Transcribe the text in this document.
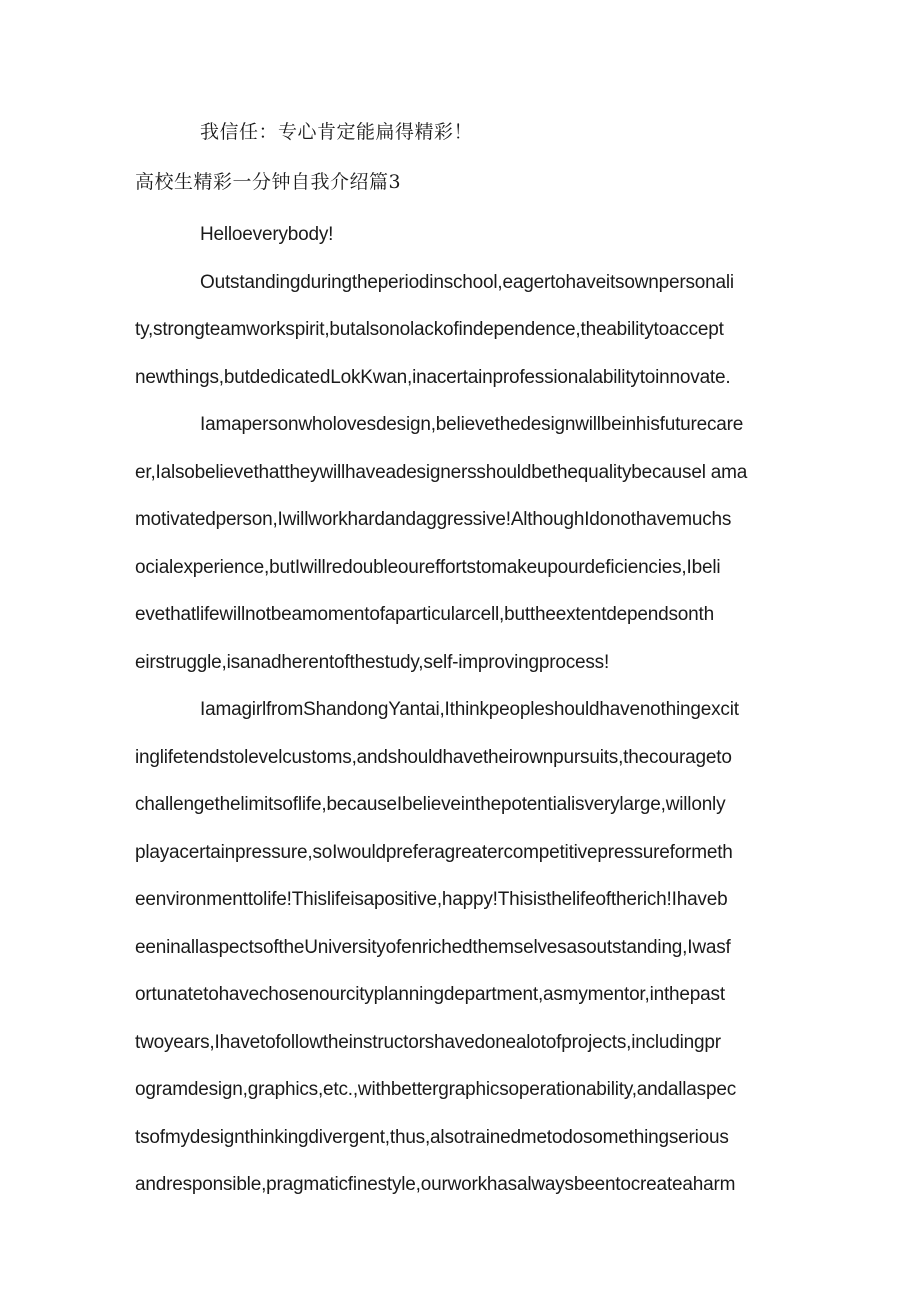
我信任：专心肯定能扁得精彩！
高校生精彩一分钟自我介绍篇3
Helloeverybody!
Outstandingduringtheperiodinschool,eagertohaveitsownpersonali
ty,strongteamworkspirit,butalsonolackofindependence,theabilitytoaccept
newthings,butdedicatedLokKwan,inacertainprofessionalabilitytoinnovate.
Iamapersonwholovesdesign,believethedesignwillbeinhisfuturecare
er,Ialsobelievethattheywillhaveadesignersshouldbethequalitybecausel ama
motivatedperson,Iwillworkhardandaggressive!AlthoughIdonothavemuchs
ocialexperience,butIwillredoubleoureffortstomakeupourdeficiencies,Ibeli
evethatlifewillnotbeamomentofaparticularcell,buttheextentdependsonth
eirstruggle,isanadherentofthestudy,self-improvingprocess!
IamagirlfromShandongYantai,Ithinkpeopleshouldhavenothingexcit
inglifetendstolevelcustoms,andshouldhavetheirownpursuits,thecourageto
challengethelimitsoflife,becauseIbelieveinthepotentialisverylarge,willonly
playacertainpressure,soIwouldpreferagreatercompetitivepressureformeth
eenvironmenttolife!Thislifeisapositive,happy!Thisisthelifeoftherich!Ihaveb
eeninallaspectsoftheUniversityofenrichedthemselvesasoutstanding,Iwasf
ortunatetohavechosenourcityplanningdepartment,asmymentor,inthepast
twoyears,Ihavetofollowtheinstructorshavedonealotofprojects,includingpr
ogramdesign,graphics,etc.,withbettergraphicsoperationability,andallaspec
tsofmydesignthinkingdivergent,thus,alsotrainedmetodosomethingserious
andresponsible,pragmaticfinestyle,ourworkhasalwaysbeentocreateaharm
